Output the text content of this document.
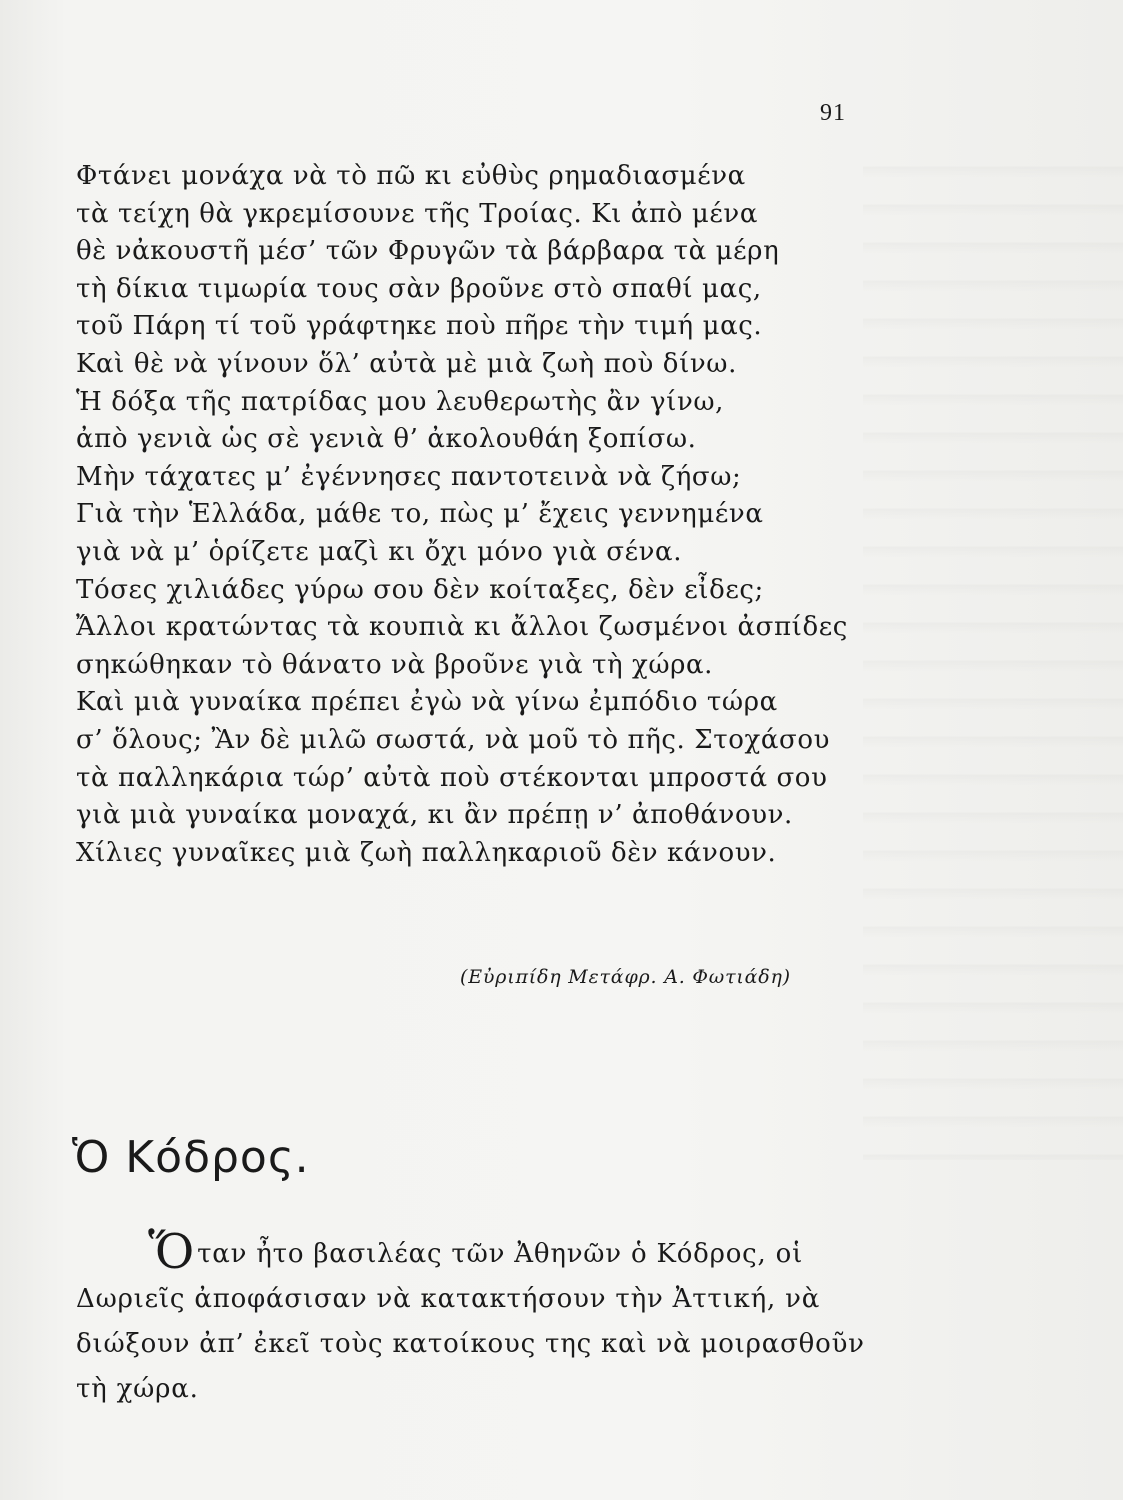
91
Φτάνει μονάχα νὰ τὸ πῶ κι εὐθὺς ρημαδιασμένα
τὰ τείχη θὰ γκρεμίσουνε τῆς Τροίας. Κι ἀπὸ μένα
θὲ νἀκουστῆ μέσ’ τῶν Φρυγῶν τὰ βάρβαρα τὰ μέρη
τὴ δίκια τιμωρία τους σὰν βροῦνε στὸ σπαθί μας,
τοῦ Πάρη τί τοῦ γράφτηκε ποὺ πῆρε τὴν τιμή μας.
Καὶ θὲ νὰ γίνουν ὅλ’ αὐτὰ μὲ μιὰ ζωὴ ποὺ δίνω.
Ἡ δόξα τῆς πατρίδας μου λευθερωτὴς ἂν γίνω,
ἀπὸ γενιὰ ὡς σὲ γενιὰ θ’ ἀκολουθάη ξοπίσω.
Μὴν τάχατες μ’ ἐγέννησες παντοτεινὰ νὰ ζήσω;
Γιὰ τὴν Ἑλλάδα, μάθε το, πὼς μ’ ἔχεις γεννημένα
γιὰ νὰ μ’ ὁρίζετε μαζὶ κι ὄχι μόνο γιὰ σένα.
Τόσες χιλιάδες γύρω σου δὲν κοίταξες, δὲν εἶδες;
Ἄλλοι κρατώντας τὰ κουπιὰ κι ἄλλοι ζωσμένοι ἀσπίδες
σηκώθηκαν τὸ θάνατο νὰ βροῦνε γιὰ τὴ χώρα.
Καὶ μιὰ γυναίκα πρέπει ἐγὼ νὰ γίνω ἐμπόδιο τώρα
σ’ ὅλους; Ἂν δὲ μιλῶ σωστά, νὰ μοῦ τὸ πῆς. Στοχάσου
τὰ παλληκάρια τώρ’ αὐτὰ ποὺ στέκονται μπροστά σου
γιὰ μιὰ γυναίκα μοναχά, κι ἂν πρέπῃ ν’ ἀποθάνουν.
Χίλιες γυναῖκες μιὰ ζωὴ παλληκαριοῦ δὲν κάνουν.
(Εὐριπίδη Μετάφρ. Α. Φωτιάδη)
Ὁ Κόδρος.
Ὅταν ἦτο βασιλέας τῶν Ἀθηνῶν ὁ Κόδρος, οἱ
Δωριεῖς ἀποφάσισαν νὰ κατακτήσουν τὴν Ἀττική, νὰ
διώξουν ἀπ’ ἐκεῖ τοὺς κατοίκους της καὶ νὰ μοιρασθοῦν
τὴ χώρα.
